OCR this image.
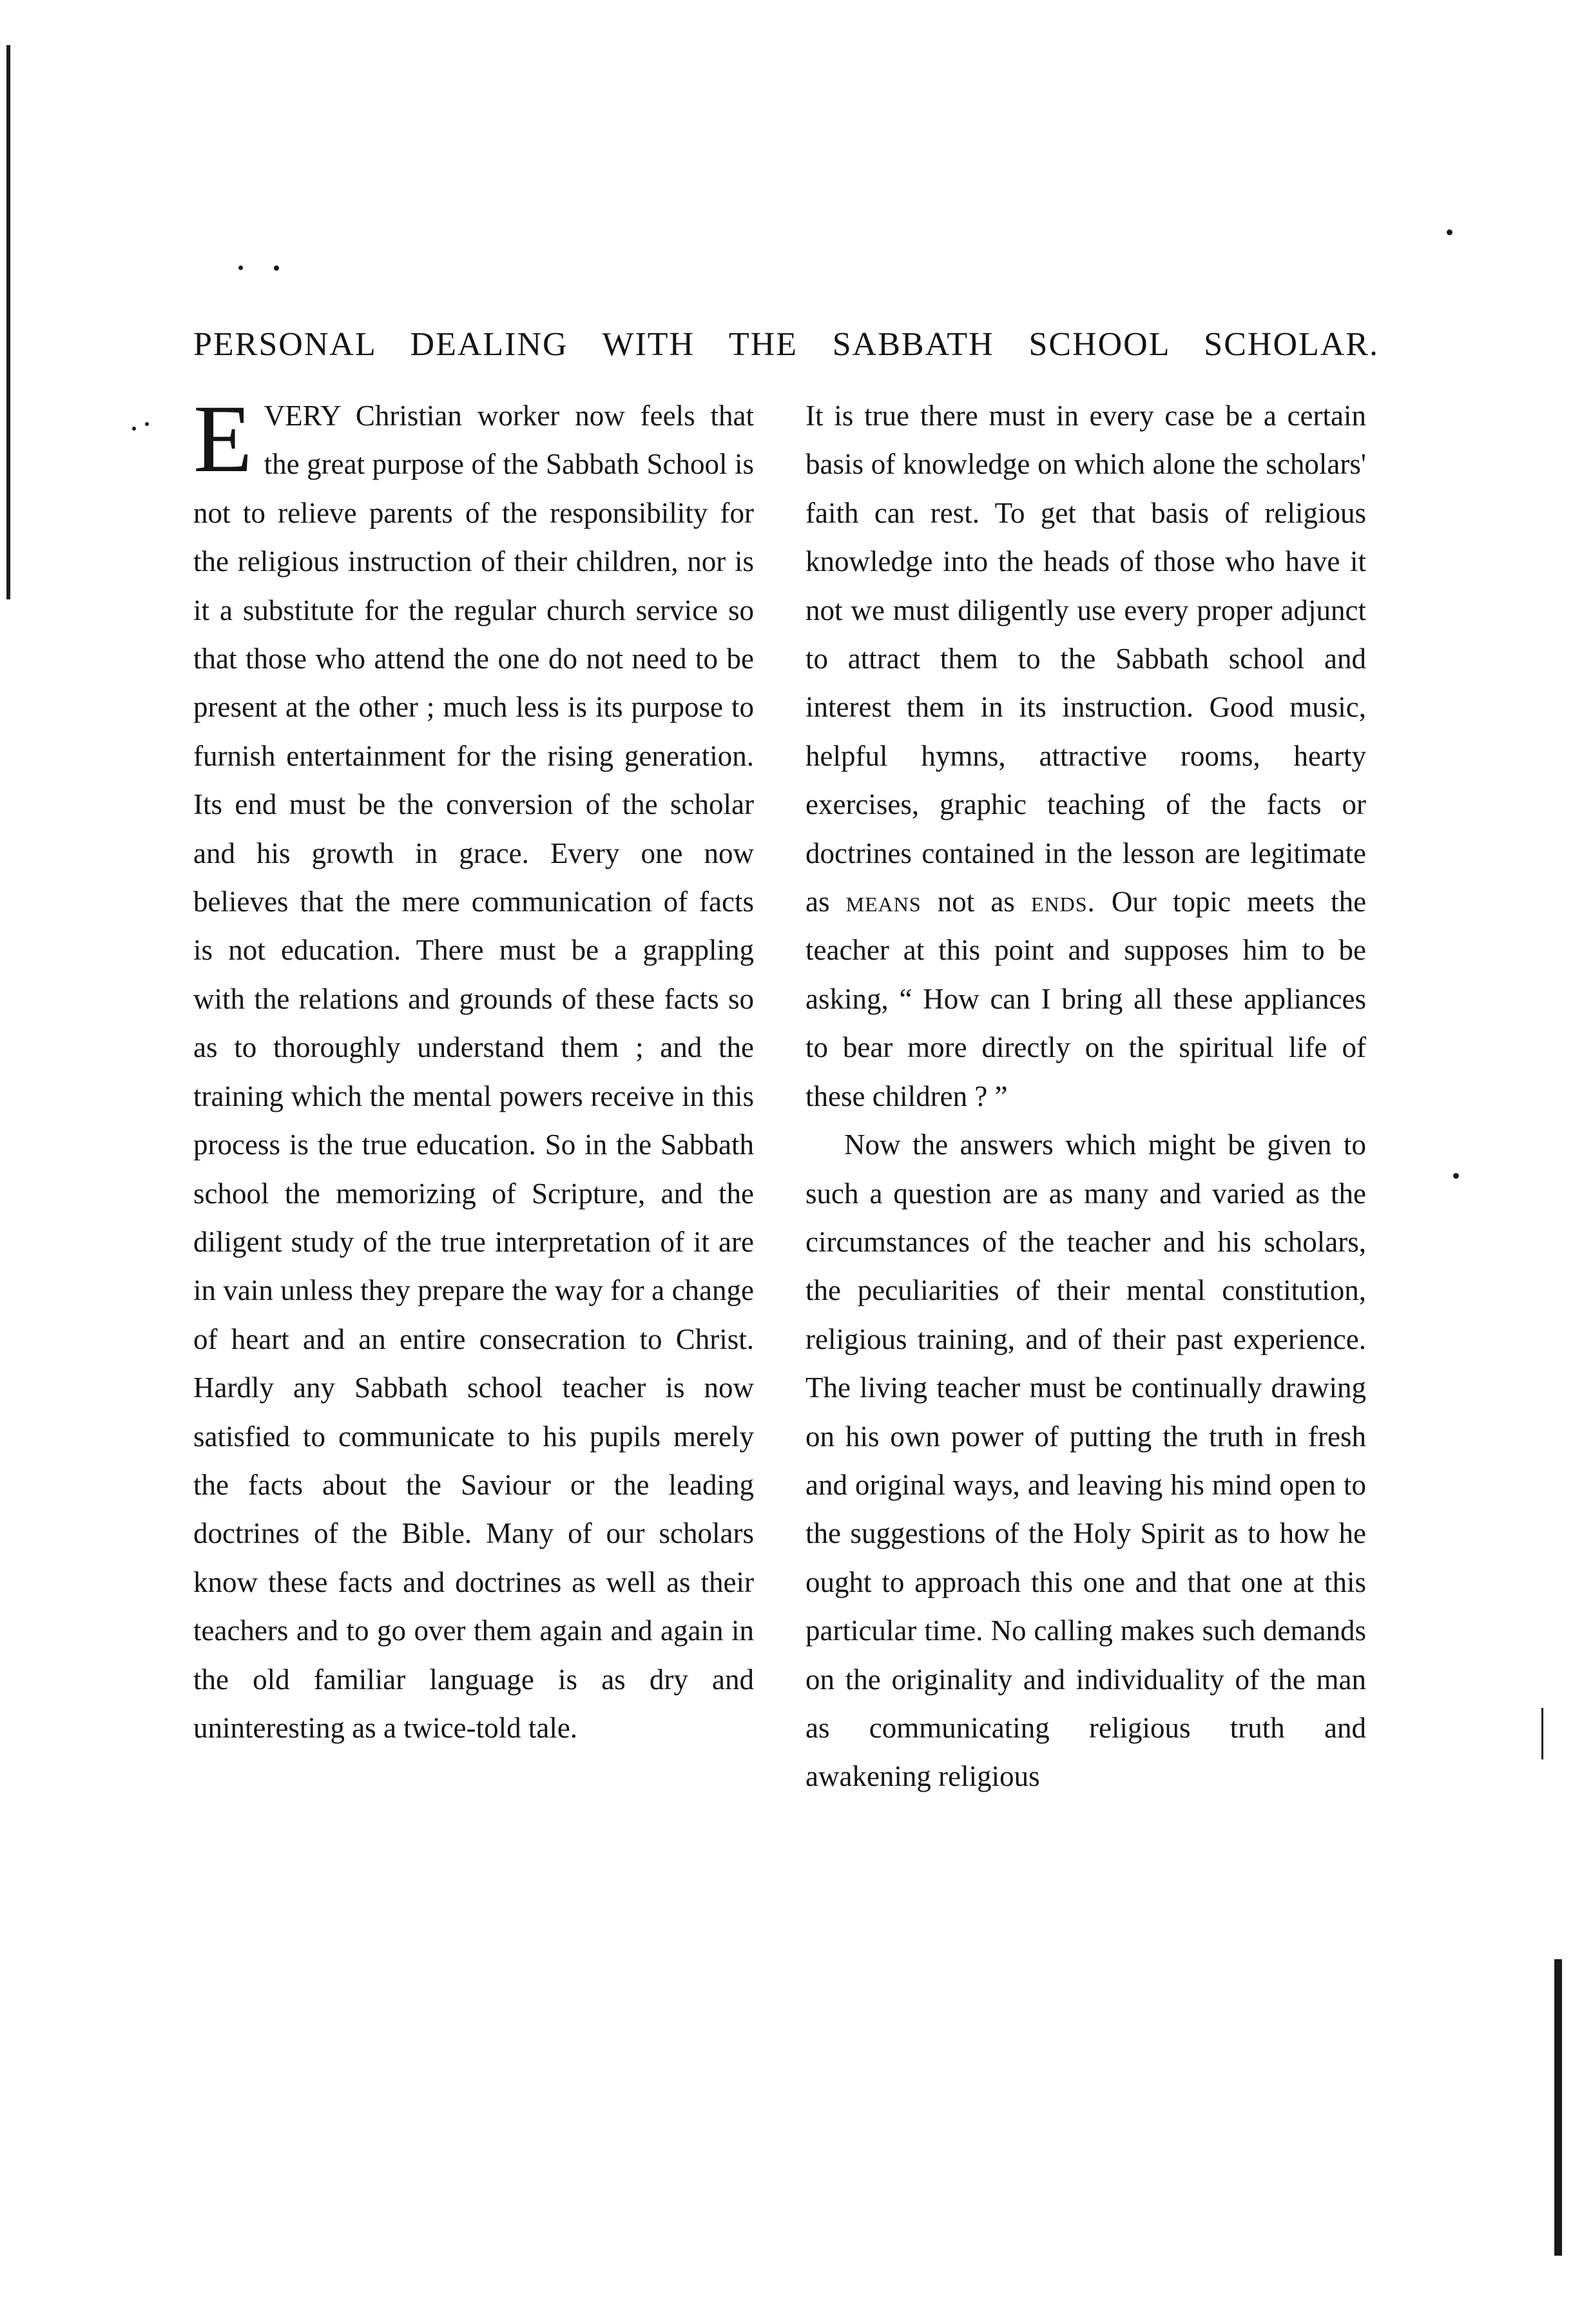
PERSONAL DEALING WITH THE SABBATH SCHOOL SCHOLAR.

EVERY Christian worker now feels that the great purpose of the Sabbath School is not to relieve parents of the responsibility for the religious instruction of their children, nor is it a substitute for the regular church service so that those who attend the one do not need to be present at the other ; much less is its purpose to furnish entertainment for the rising generation. Its end must be the conversion of the scholar and his growth in grace. Every one now believes that the mere communication of facts is not education. There must be a grappling with the relations and grounds of these facts so as to thoroughly understand them ; and the training which the mental powers receive in this process is the true education. So in the Sabbath school the memorizing of Scripture, and the diligent study of the true interpretation of it are in vain unless they prepare the way for a change of heart and an entire consecration to Christ. Hardly any Sabbath school teacher is now satisfied to communicate to his pupils merely the facts about the Saviour or the leading doctrines of the Bible. Many of our scholars know these facts and doctrines as well as their teachers and to go over them again and again in the old familiar language is as dry and uninteresting as a twice-told tale.

It is true there must in every case be a certain basis of knowledge on which alone the scholars' faith can rest. To get that basis of religious knowledge into the heads of those who have it not we must diligently use every proper adjunct to attract them to the Sabbath school and interest them in its instruction. Good music, helpful hymns, attractive rooms, hearty exercises, graphic teaching of the facts or doctrines contained in the lesson are legitimate as means not as ends. Our topic meets the teacher at this point and supposes him to be asking, “ How can I bring all these appliances to bear more directly on the spiritual life of these children ? ”

Now the answers which might be given to such a question are as many and varied as the circumstances of the teacher and his scholars, the peculiarities of their mental constitution, religious training, and of their past experience. The living teacher must be continually drawing on his own power of putting the truth in fresh and original ways, and leaving his mind open to the suggestions of the Holy Spirit as to how he ought to approach this one and that one at this particular time. No calling makes such demands on the originality and individuality of the man as communicating religious truth and awakening religious
